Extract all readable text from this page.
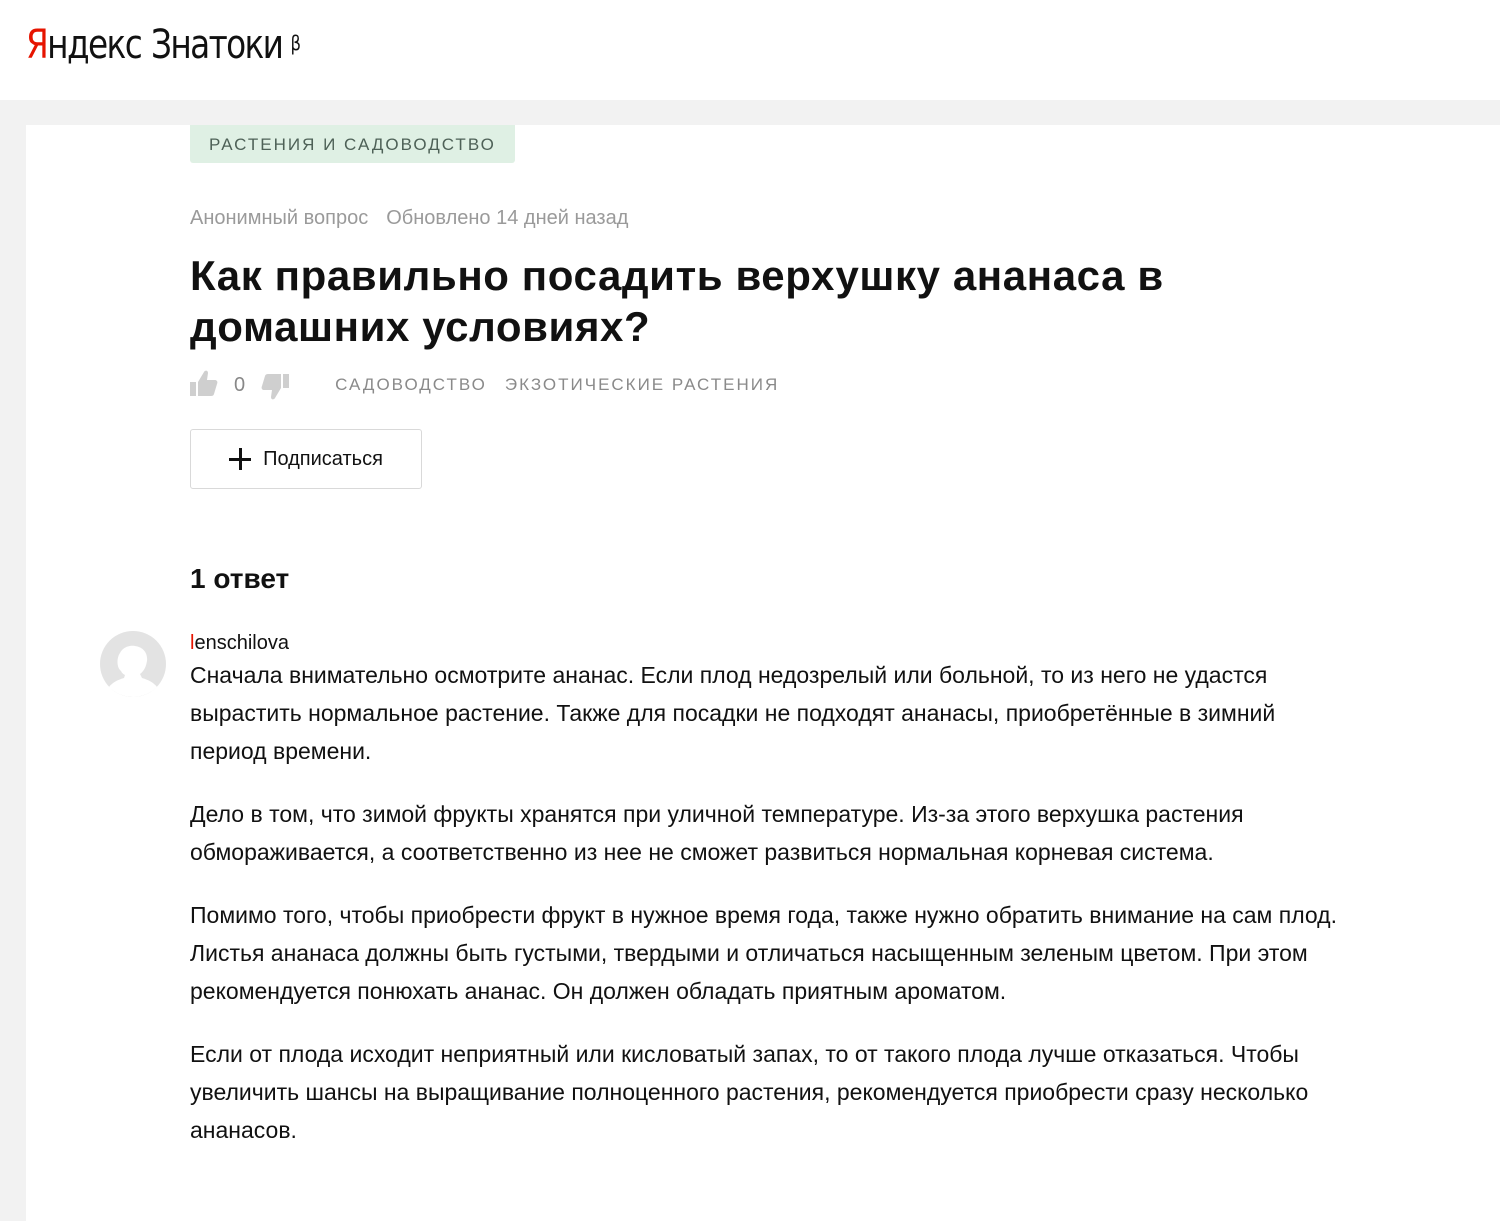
Яндекс Знатоки $^\beta$
РАСТЕНИЯ И САДОВОДСТВО
Анонимный вопрос Обновлено 14 дней назад
Как правильно посадить верхушку ананаса в домашних условиях?
0	САДОВОДСТВО ЭКЗОТИЧЕСКИЕ РАСТЕНИЯ
Подписаться
1 ответ
lenschilova

Сначала внимательно осмотрите ананас. Если плод недозрелый или больной, то из него не удастся вырастить нормальное растение. Также для посадки не подходят ананасы, приобретённые в зимний период времени.

Дело в том, что зимой фрукты хранятся при уличной температуре. Из-за этого верхушка растения обмораживается, а соответственно из нее не сможет развиться нормальная корневая система.

Помимо того, чтобы приобрести фрукт в нужное время года, также нужно обратить внимание на сам плод. Листья ананаса должны быть густыми, твердыми и отличаться насыщенным зеленым цветом. При этом рекомендуется понюхать ананас. Он должен обладать приятным ароматом.

Если от плода исходит неприятный или кисловатый запах, то от такого плода лучше отказаться. Чтобы увеличить шансы на выращивание полноценного растения, рекомендуется приобрести сразу несколько ананасов.
